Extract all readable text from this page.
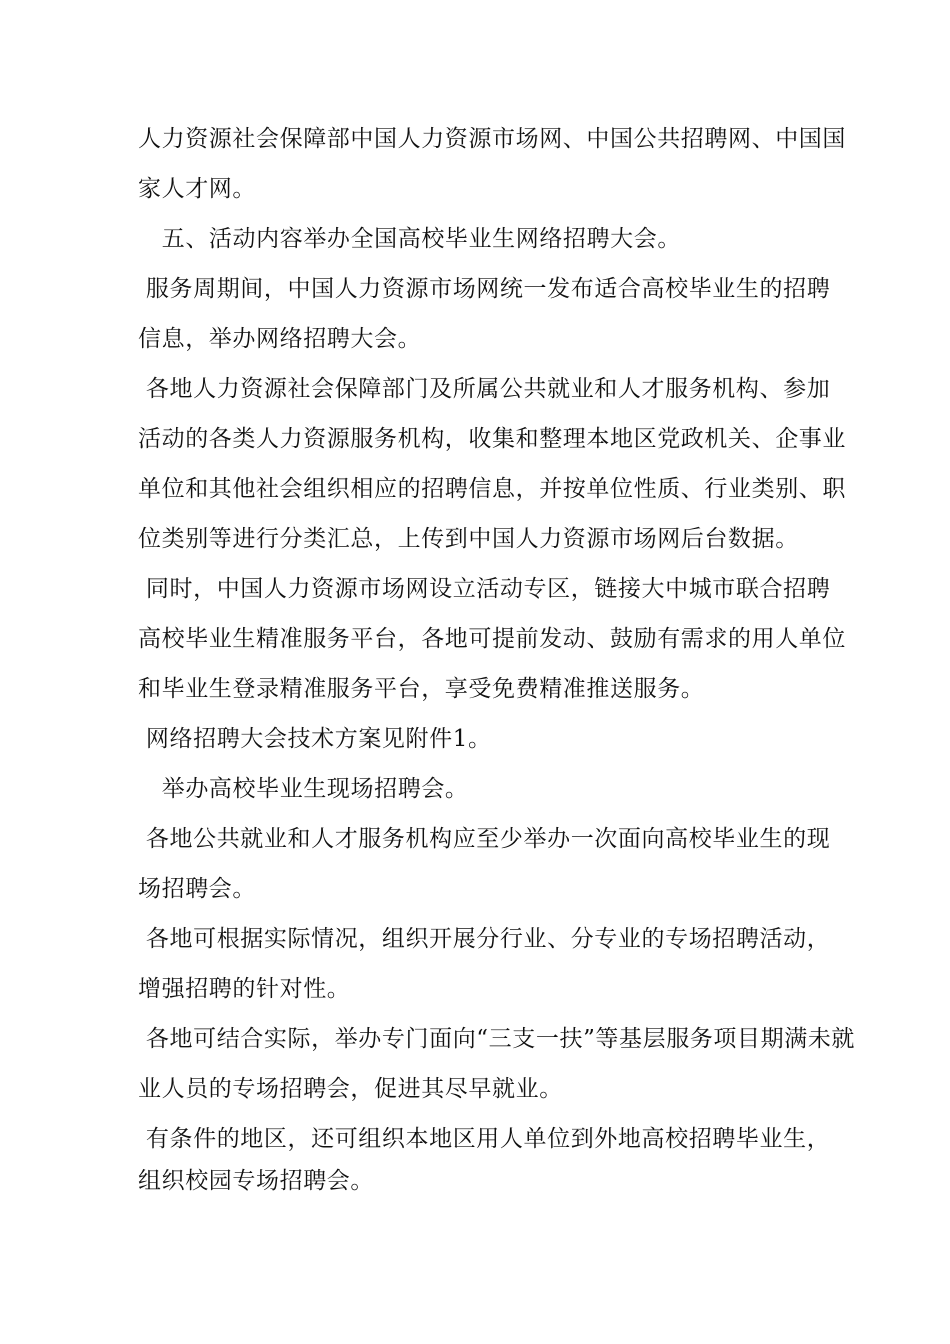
人力资源社会保障部中国人力资源市场网、中国公共招聘网、中国国
家人才网。
五、活动内容举办全国高校毕业生网络招聘大会。
服务周期间，中国人力资源市场网统一发布适合高校毕业生的招聘
信息，举办网络招聘大会。
各地人力资源社会保障部门及所属公共就业和人才服务机构、参加
活动的各类人力资源服务机构，收集和整理本地区党政机关、企事业
单位和其他社会组织相应的招聘信息，并按单位性质、行业类别、职
位类别等进行分类汇总，上传到中国人力资源市场网后台数据。
同时，中国人力资源市场网设立活动专区，链接大中城市联合招聘
高校毕业生精准服务平台，各地可提前发动、鼓励有需求的用人单位
和毕业生登录精准服务平台，享受免费精准推送服务。
网络招聘大会技术方案见附件1。
举办高校毕业生现场招聘会。
各地公共就业和人才服务机构应至少举办一次面向高校毕业生的现
场招聘会。
各地可根据实际情况，组织开展分行业、分专业的专场招聘活动，
增强招聘的针对性。
各地可结合实际，举办专门面向“三支一扶”等基层服务项目期满未就
业人员的专场招聘会，促进其尽早就业。
有条件的地区，还可组织本地区用人单位到外地高校招聘毕业生，
组织校园专场招聘会。
